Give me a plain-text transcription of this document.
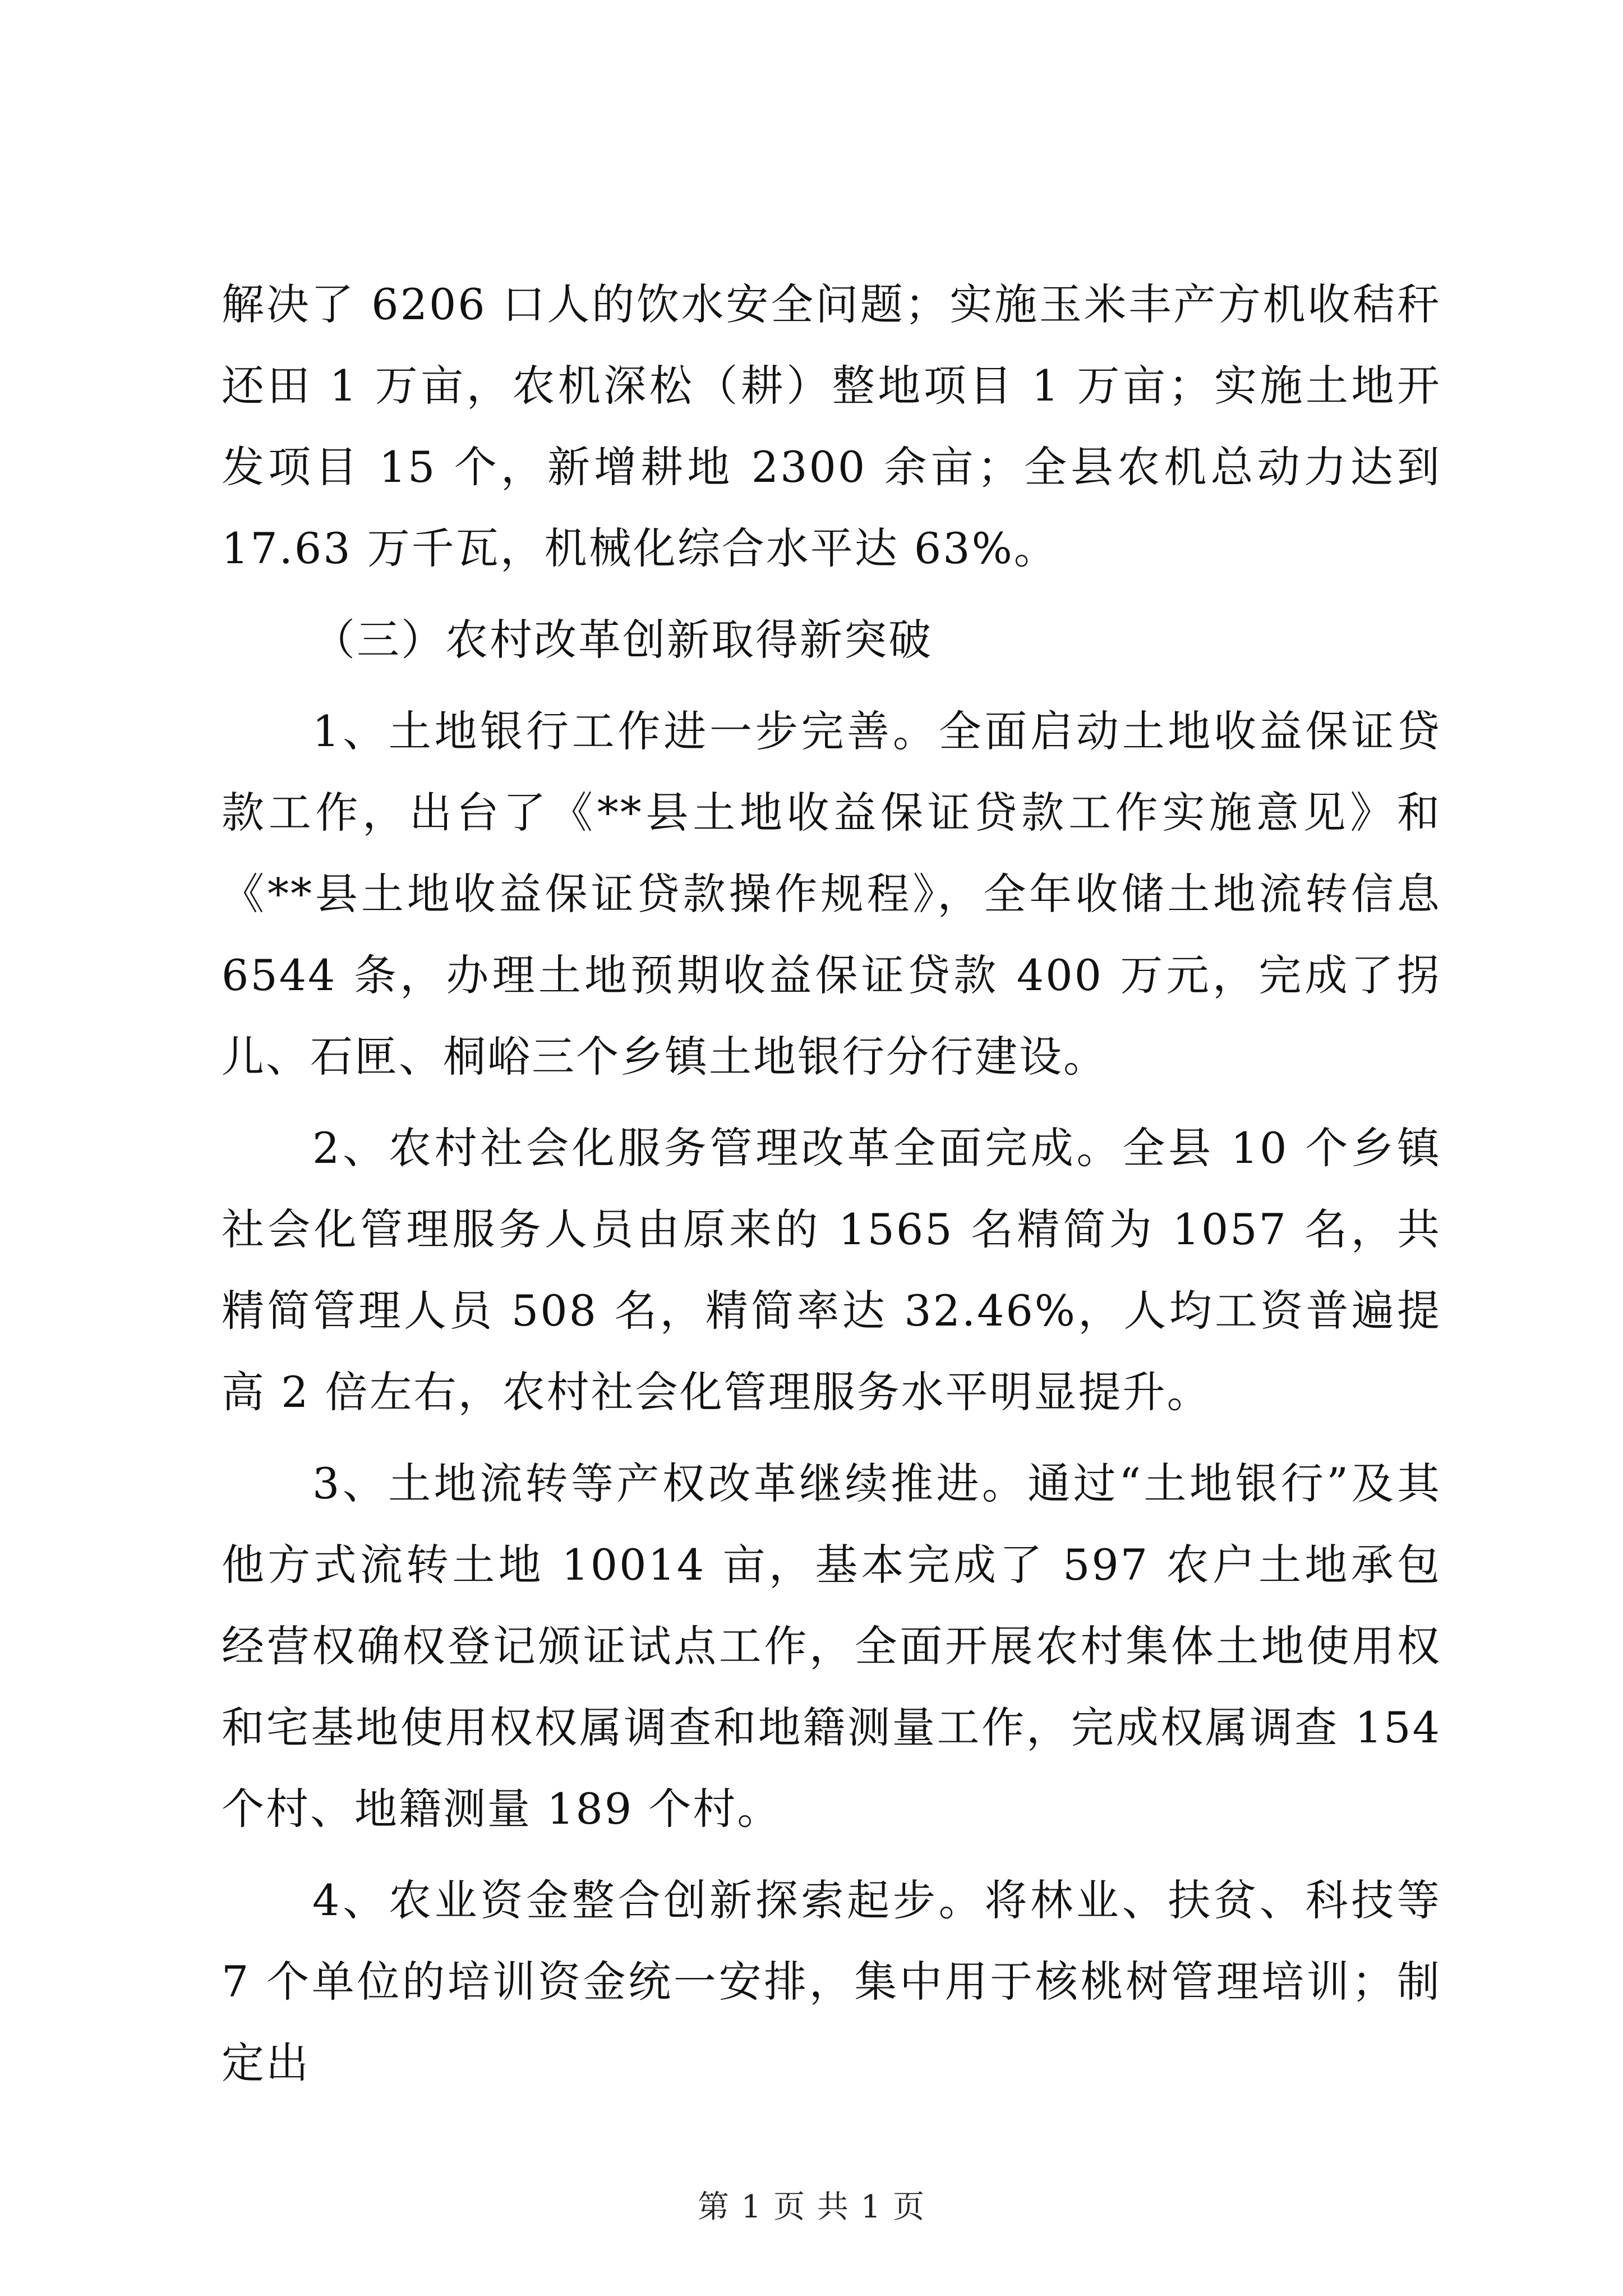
解决了 6206 口人的饮水安全问题；实施玉米丰产方机收秸秆还田 1 万亩，农机深松（耕）整地项目 1 万亩；实施土地开发项目 15 个，新增耕地 2300 余亩；全县农机总动力达到 17.63 万千瓦，机械化综合水平达 63%。

（三）农村改革创新取得新突破

1、土地银行工作进一步完善。全面启动土地收益保证贷款工作，出台了《**县土地收益保证贷款工作实施意见》和《**县土地收益保证贷款操作规程》，全年收储土地流转信息 6544 条，办理土地预期收益保证贷款 400 万元，完成了拐儿、石匣、桐峪三个乡镇土地银行分行建设。

2、农村社会化服务管理改革全面完成。全县 10 个乡镇社会化管理服务人员由原来的 1565 名精简为 1057 名，共精简管理人员 508 名，精简率达 32.46%，人均工资普遍提高 2 倍左右，农村社会化管理服务水平明显提升。

3、土地流转等产权改革继续推进。通过“土地银行”及其他方式流转土地 10014 亩，基本完成了 597 农户土地承包经营权确权登记颁证试点工作，全面开展农村集体土地使用权和宅基地使用权权属调查和地籍测量工作，完成权属调查 154 个村、地籍测量 189 个村。

4、农业资金整合创新探索起步。将林业、扶贫、科技等 7 个单位的培训资金统一安排，集中用于核桃树管理培训；制定出

第 1 页 共 1 页
